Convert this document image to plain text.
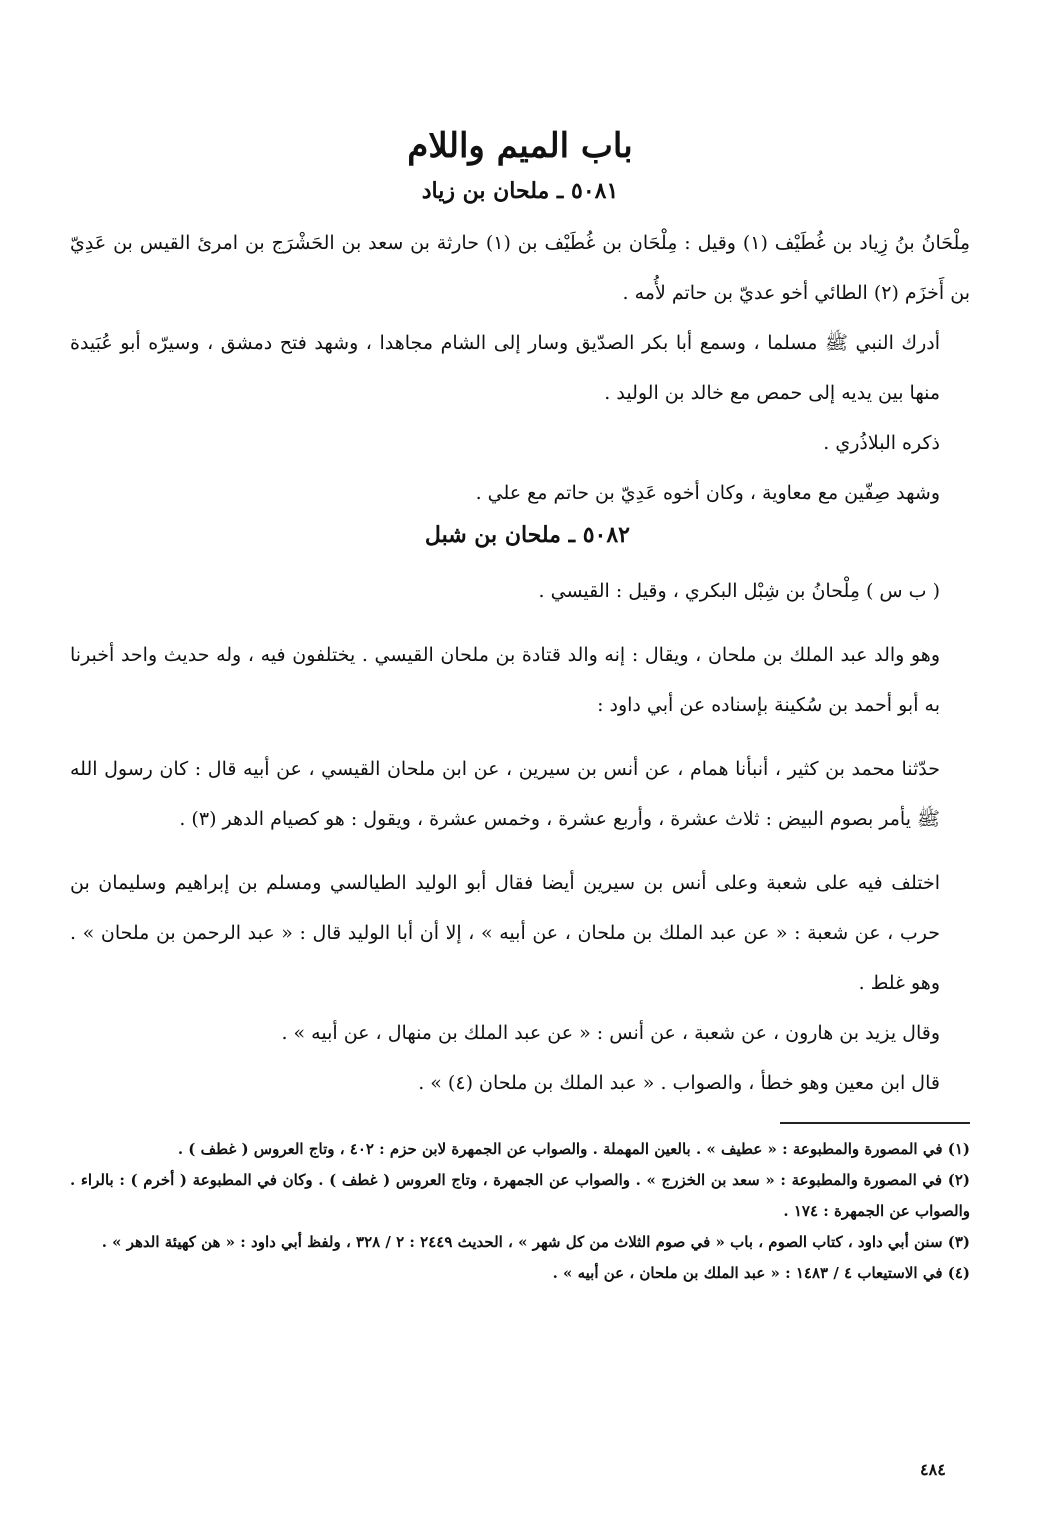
باب الميم واللام
٥٠٨١ ـ ملحان بن زياد

مِلْحَانُ بنُ زِياد بن غُطَيْف (١) وقيل : مِلْحَان بن غُطَيْف بن (١) حارثة بن سعد بن الحَشْرَج بن امرئ القيس بن عَدِيّ بن أَخزَم (٢) الطائي أخو عديّ بن حاتم لأُمه .

أدرك النبي ﷺ مسلما ، وسمع أبا بكر الصدّيق وسار إلى الشام مجاهدا ، وشهد فتح دمشق ، وسيرّه أبو عُبَيدة منها بين يديه إلى حمص مع خالد بن الوليد .

ذكره البلاذُري .

وشهد صِفّين مع معاوية ، وكان أخوه عَدِيّ بن حاتم مع علي .

٥٠٨٢ ـ ملحان بن شبل

( ب س ) مِلْحانُ بن شِبْل البكري ، وقيل : القيسي .

وهو والد عبد الملك بن ملحان ، ويقال : إنه والد قتادة بن ملحان القيسي . يختلفون فيه ، وله حديث واحد أخبرنا به أبو أحمد بن سُكينة بإسناده عن أبي داود :

حدّثنا محمد بن كثير ، أنبأنا همام ، عن أنس بن سيرين ، عن ابن ملحان القيسي ، عن أبيه قال : كان رسول الله ﷺ يأمر بصوم البيض : ثلاث عشرة ، وأربع عشرة ، وخمس عشرة ، ويقول : هو كصيام الدهر (٣) .

اختلف فيه على شعبة وعلى أنس بن سيرين أيضا فقال أبو الوليد الطيالسي ومسلم بن إبراهيم وسليمان بن حرب ، عن شعبة : « عن عبد الملك بن ملحان ، عن أبيه » ، إلا أن أبا الوليد قال : « عبد الرحمن بن ملحان » . وهو غلط .

وقال يزيد بن هارون ، عن شعبة ، عن أنس : « عن عبد الملك بن منهال ، عن أبيه » .

قال ابن معين وهو خطأ ، والصواب . « عبد الملك بن ملحان (٤) » .

(١) في المصورة والمطبوعة : « عطيف » . بالعين المهملة . والصواب عن الجمهرة لابن حزم : ٤٠٢ ، وتاج العروس ( غطف ) .

(٢) في المصورة والمطبوعة : « سعد بن الخزرج » . والصواب عن الجمهرة ، وتاج العروس ( غطف ) . وكان في المطبوعة ( أخرم ) : بالراء . والصواب عن الجمهرة : ١٧٤ .

(٣) سنن أبي داود ، كتاب الصوم ، باب « في صوم الثلاث من كل شهر » ، الحديث ٢٤٤٩ : ٢ / ٣٢٨ ، ولفظ أبي داود : « هن كهيئة الدهر » .

(٤) في الاستيعاب ٤ / ١٤٨٣ : « عبد الملك بن ملحان ، عن أبيه » .

٤٨٤
